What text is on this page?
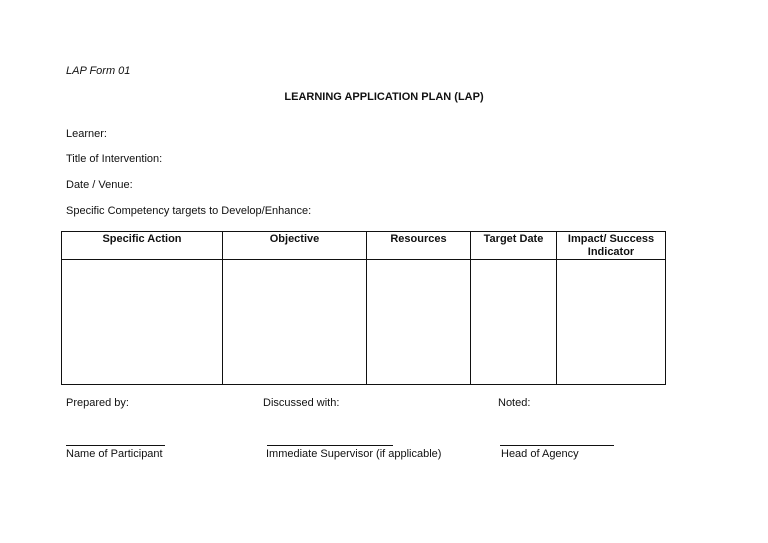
LAP Form 01
LEARNING APPLICATION PLAN (LAP)
Learner:
Title of Intervention:
Date / Venue:
Specific Competency targets to Develop/Enhance:
Specific Action	Objective	Resources	Target Date	Impact/ Success Indicator

Prepared by:	Discussed with:	Noted:
Name of Participant	Immediate Supervisor (if applicable)	Head of Agency
